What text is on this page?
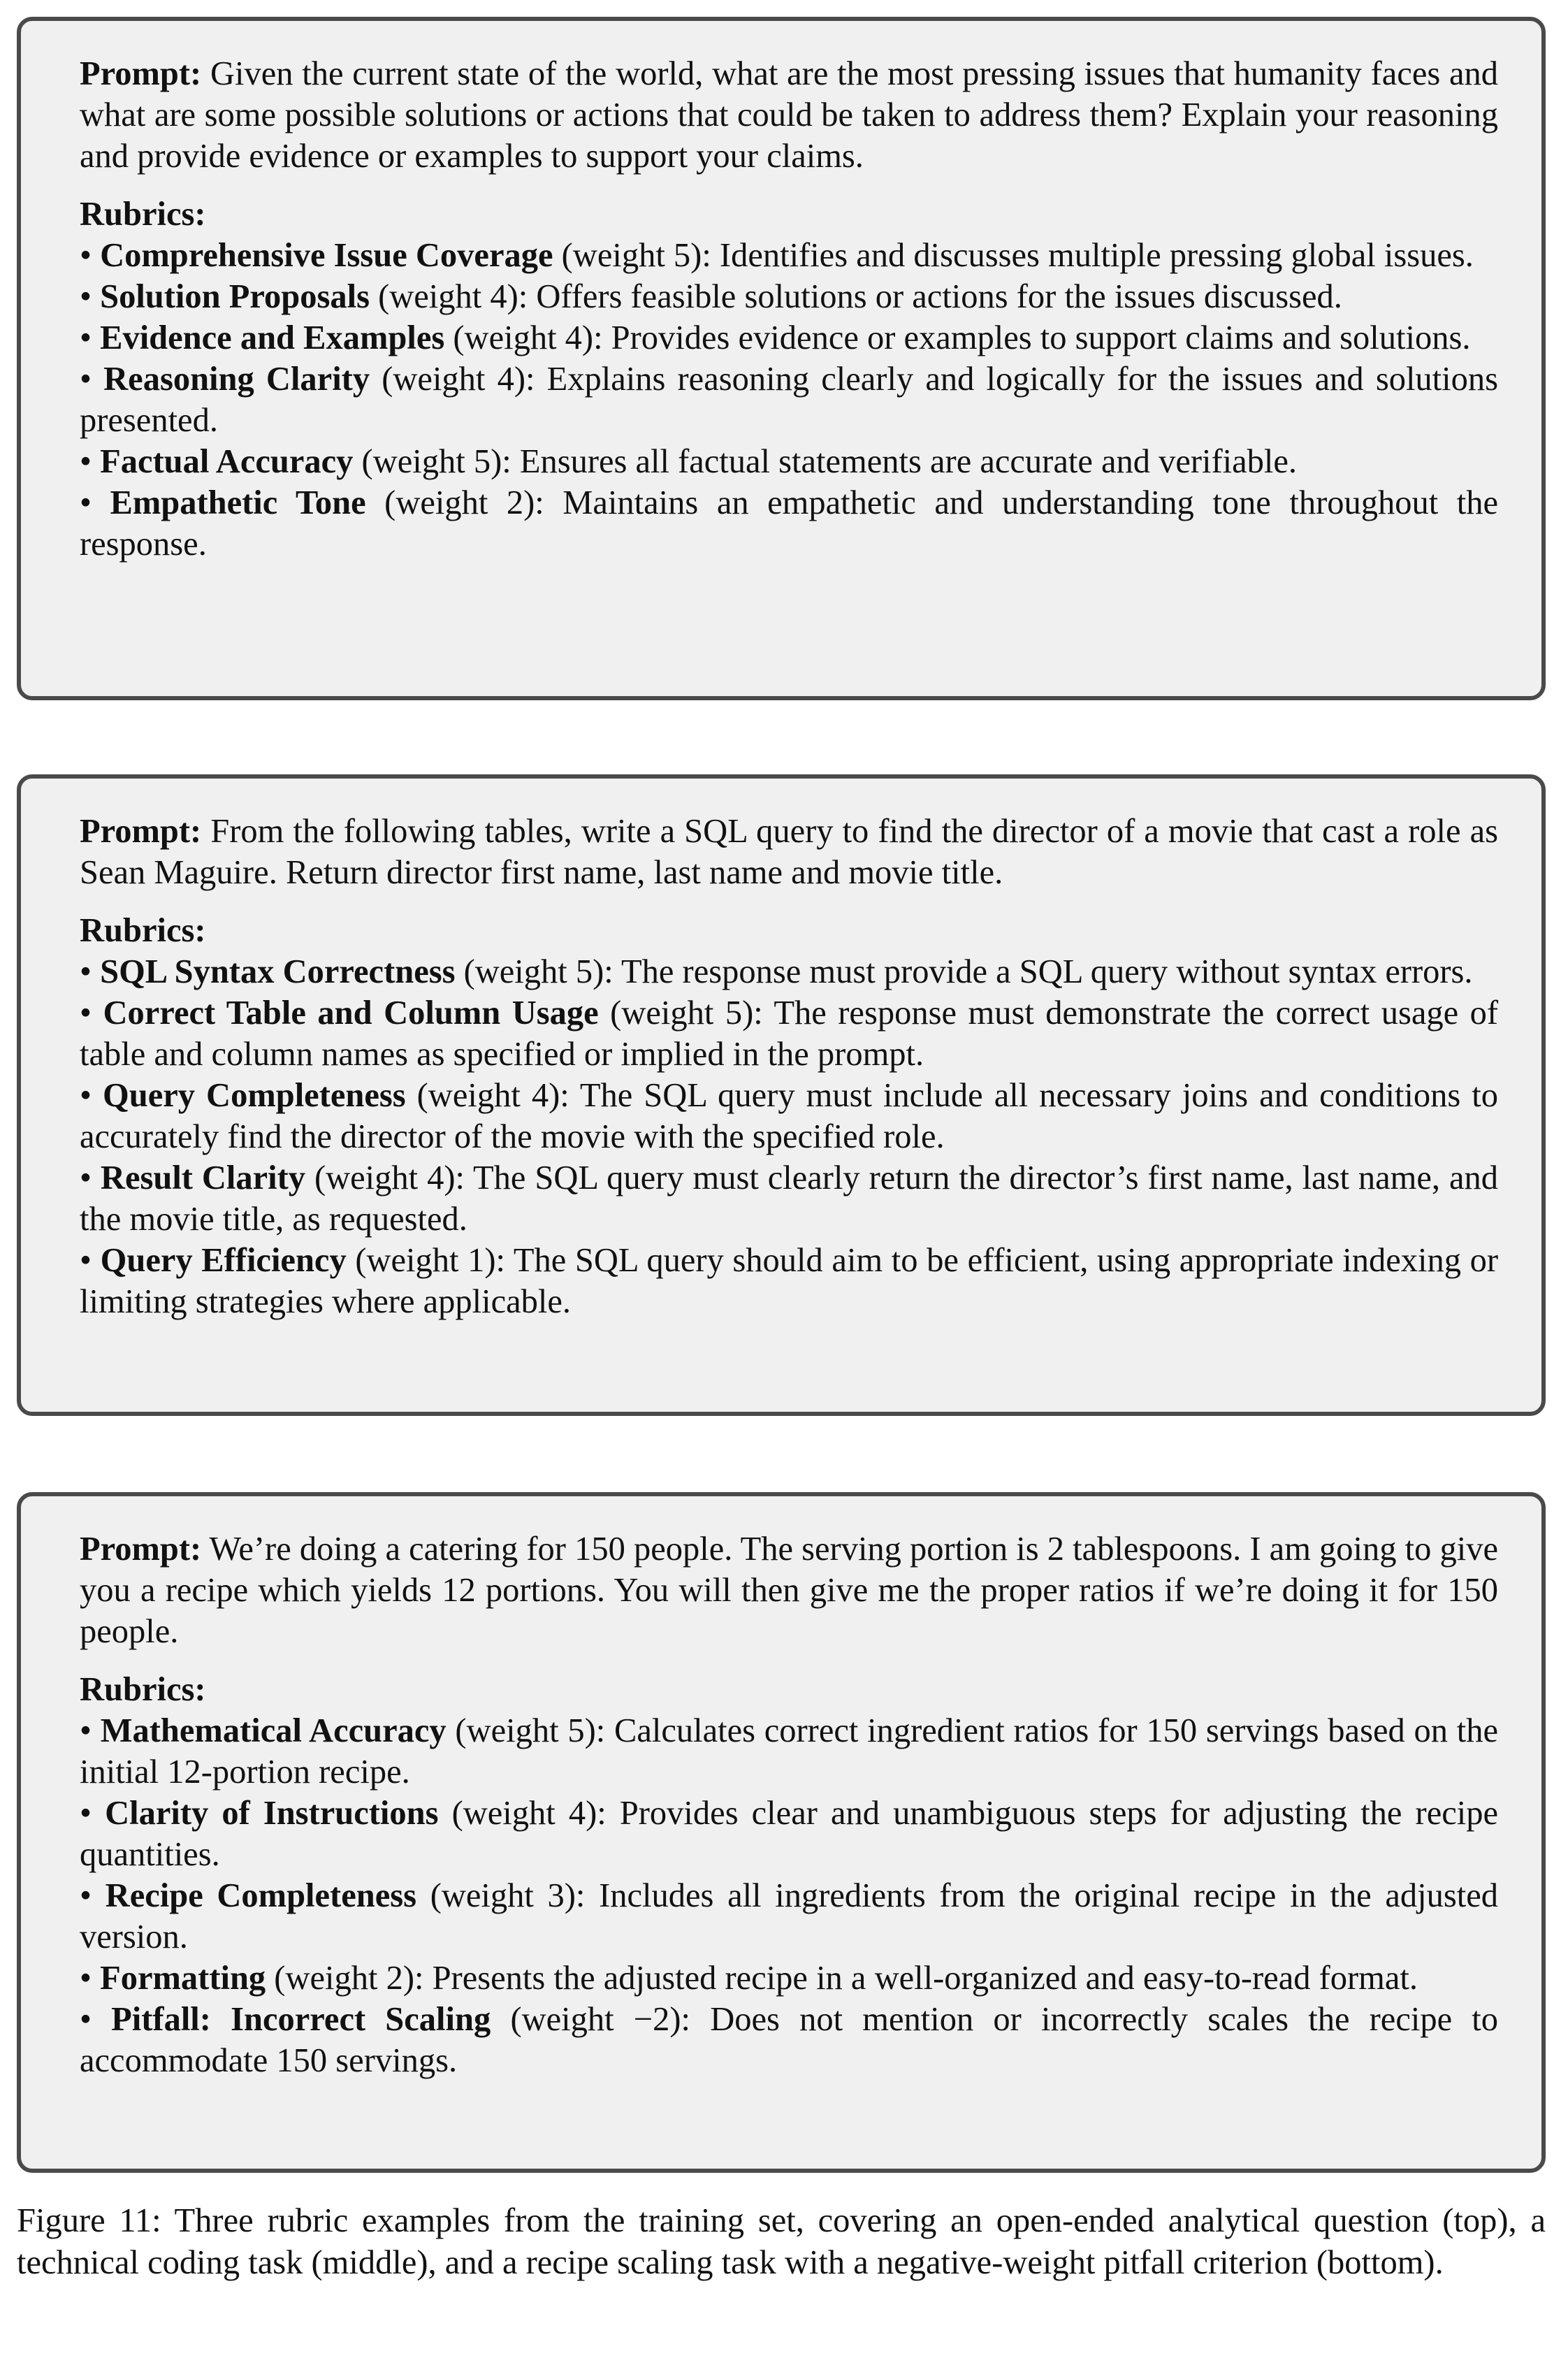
Prompt: Given the current state of the world, what are the most pressing issues that humanity faces and what are some possible solutions or actions that could be taken to address them? Explain your reasoning and provide evidence or examples to support your claims.

Rubrics:

• Comprehensive Issue Coverage (weight 5): Identifies and discusses multiple pressing global issues.

• Solution Proposals (weight 4): Offers feasible solutions or actions for the issues discussed.

• Evidence and Examples (weight 4): Provides evidence or examples to support claims and solutions.

• Reasoning Clarity (weight 4): Explains reasoning clearly and logically for the issues and solutions presented.

• Factual Accuracy (weight 5): Ensures all factual statements are accurate and verifiable.

• Empathetic Tone (weight 2): Maintains an empathetic and understanding tone throughout the response.

Prompt: From the following tables, write a SQL query to find the director of a movie that cast a role as Sean Maguire. Return director first name, last name and movie title.

Rubrics:

• SQL Syntax Correctness (weight 5): The response must provide a SQL query without syntax errors.

• Correct Table and Column Usage (weight 5): The response must demonstrate the correct usage of table and column names as specified or implied in the prompt.

• Query Completeness (weight 4): The SQL query must include all necessary joins and conditions to accurately find the director of the movie with the specified role.

• Result Clarity (weight 4): The SQL query must clearly return the director’s first name, last name, and the movie title, as requested.

• Query Efficiency (weight 1): The SQL query should aim to be efficient, using appropriate indexing or limiting strategies where applicable.

Prompt: We’re doing a catering for 150 people. The serving portion is 2 tablespoons. I am going to give you a recipe which yields 12 portions. You will then give me the proper ratios if we’re doing it for 150 people.

Rubrics:

• Mathematical Accuracy (weight 5): Calculates correct ingredient ratios for 150 servings based on the initial 12-portion recipe.

• Clarity of Instructions (weight 4): Provides clear and unambiguous steps for adjusting the recipe quantities.

• Recipe Completeness (weight 3): Includes all ingredients from the original recipe in the adjusted version.

• Formatting (weight 2): Presents the adjusted recipe in a well-organized and easy-to-read format.

• Pitfall: Incorrect Scaling (weight −2): Does not mention or incorrectly scales the recipe to accommodate 150 servings.

Figure 11: Three rubric examples from the training set, covering an open-ended analytical question (top), a technical coding task (middle), and a recipe scaling task with a negative-weight pitfall criterion (bottom).
